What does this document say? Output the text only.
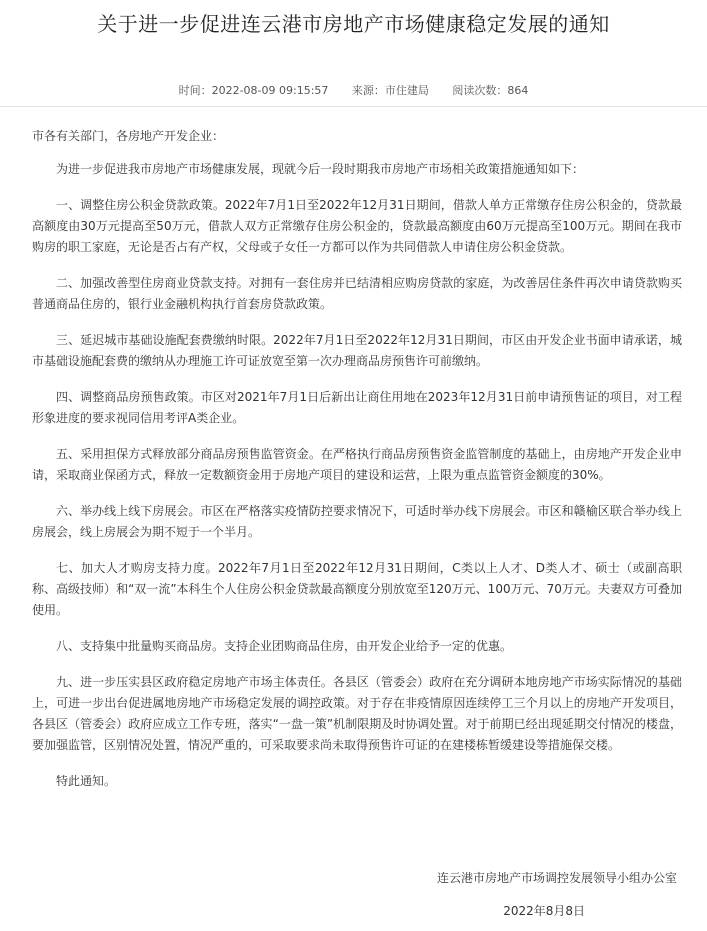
关于进一步促进连云港市房地产市场健康稳定发展的通知
时间：2022-08-09 09:15:57 来源：市住建局 阅读次数：864

市各有关部门，各房地产开发企业：

为进一步促进我市房地产市场健康发展，现就今后一段时期我市房地产市场相关政策措施通知如下：

一、调整住房公积金贷款政策。2022年7月1日至2022年12月31日期间，借款人单方正常缴存住房公积金的，贷款最高额度由30万元提高至50万元，借款人双方正常缴存住房公积金的，贷款最高额度由60万元提高至100万元。期间在我市购房的职工家庭，无论是否占有产权，父母或子女任一方都可以作为共同借款人申请住房公积金贷款。

二、加强改善型住房商业贷款支持。对拥有一套住房并已结清相应购房贷款的家庭，为改善居住条件再次申请贷款购买普通商品住房的，银行业金融机构执行首套房贷款政策。

三、延迟城市基础设施配套费缴纳时限。2022年7月1日至2022年12月31日期间，市区由开发企业书面申请承诺，城市基础设施配套费的缴纳从办理施工许可证放宽至第一次办理商品房预售许可前缴纳。

四、调整商品房预售政策。市区对2021年7月1日后新出让商住用地在2023年12月31日前申请预售证的项目，对工程形象进度的要求视同信用考评A类企业。

五、采用担保方式释放部分商品房预售监管资金。在严格执行商品房预售资金监管制度的基础上，由房地产开发企业申请，采取商业保函方式，释放一定数额资金用于房地产项目的建设和运营，上限为重点监管资金额度的30%。

六、举办线上线下房展会。市区在严格落实疫情防控要求情况下，可适时举办线下房展会。市区和赣榆区联合举办线上房展会，线上房展会为期不短于一个半月。

七、加大人才购房支持力度。2022年7月1日至2022年12月31日期间，C类以上人才、D类人才、硕士（或副高职称、高级技师）和“双一流”本科生个人住房公积金贷款最高额度分别放宽至120万元、100万元、70万元。夫妻双方可叠加使用。

八、支持集中批量购买商品房。支持企业团购商品住房，由开发企业给予一定的优惠。

九、进一步压实县区政府稳定房地产市场主体责任。各县区（管委会）政府在充分调研本地房地产市场实际情况的基础上，可进一步出台促进属地房地产市场稳定发展的调控政策。对于存在非疫情原因连续停工三个月以上的房地产开发项目，各县区（管委会）政府应成立工作专班，落实“一盘一策”机制限期及时协调处置。对于前期已经出现延期交付情况的楼盘，要加强监管，区别情况处置，情况严重的，可采取要求尚未取得预售许可证的在建楼栋暂缓建设等措施保交楼。

特此通知。

连云港市房地产市场调控发展领导小组办公室
2022年8月8日
